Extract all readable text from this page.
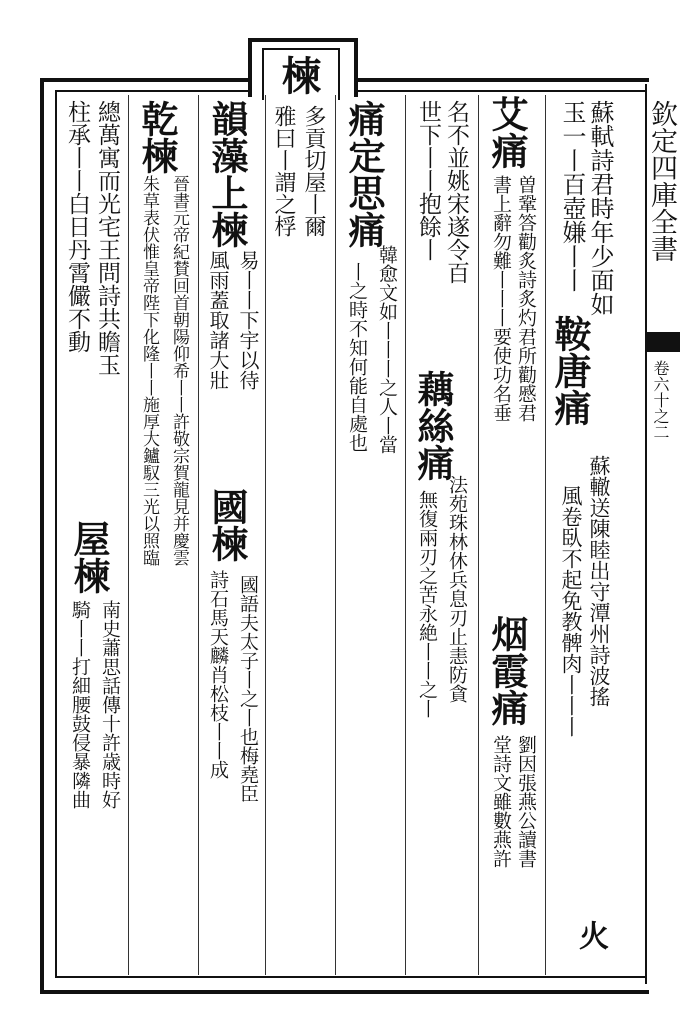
欽定四庫全書
卷六十之二
蘇軾詩君時年少面如
玉一丨百壺嫌丨丨
鞍唐痛
蘇轍送陳睦出守潭州詩波搖
風卷臥不起免教髀肉丨丨丨
火
艾痛
曽鞏答勸炙詩炙灼君所勸慼君
書上辭勿難丨丨丨要使功名垂
烟霞痛
劉因張燕公讀書
堂詩文雖數燕許
名不並姚宋遂令百
世下丨丨抱餘丨
藕絲痛
法苑珠林休兵息刃止恚防貪
無復兩刃之苦永絶丨丨之丨
痛定思痛
韓愈文如丨丨丨之人丨當
丨之時不知何能自處也
楝
多貢切屋丨爾
雅曰丨謂之桴
韻藻上楝
易丨丨下宇以待
風雨蓋取諸大壯
國楝
國語夫太子丨之丨也梅堯臣
詩石馬天麟肖松枝丨丨成
乾楝
晉書元帝紀賛回首朝陽仰希丨丨許敬宗賀龍見并慶雲
朱草表伏惟皇帝陛下化隆丨丨施厚大鑪馭三光以照臨
總萬寓而光宅王問詩共瞻玉
屋楝
南史蕭思話傳十許歳時好
騎丨丨打細腰鼓侵暴隣曲
柱承丨丨白日丹霄儼不動
